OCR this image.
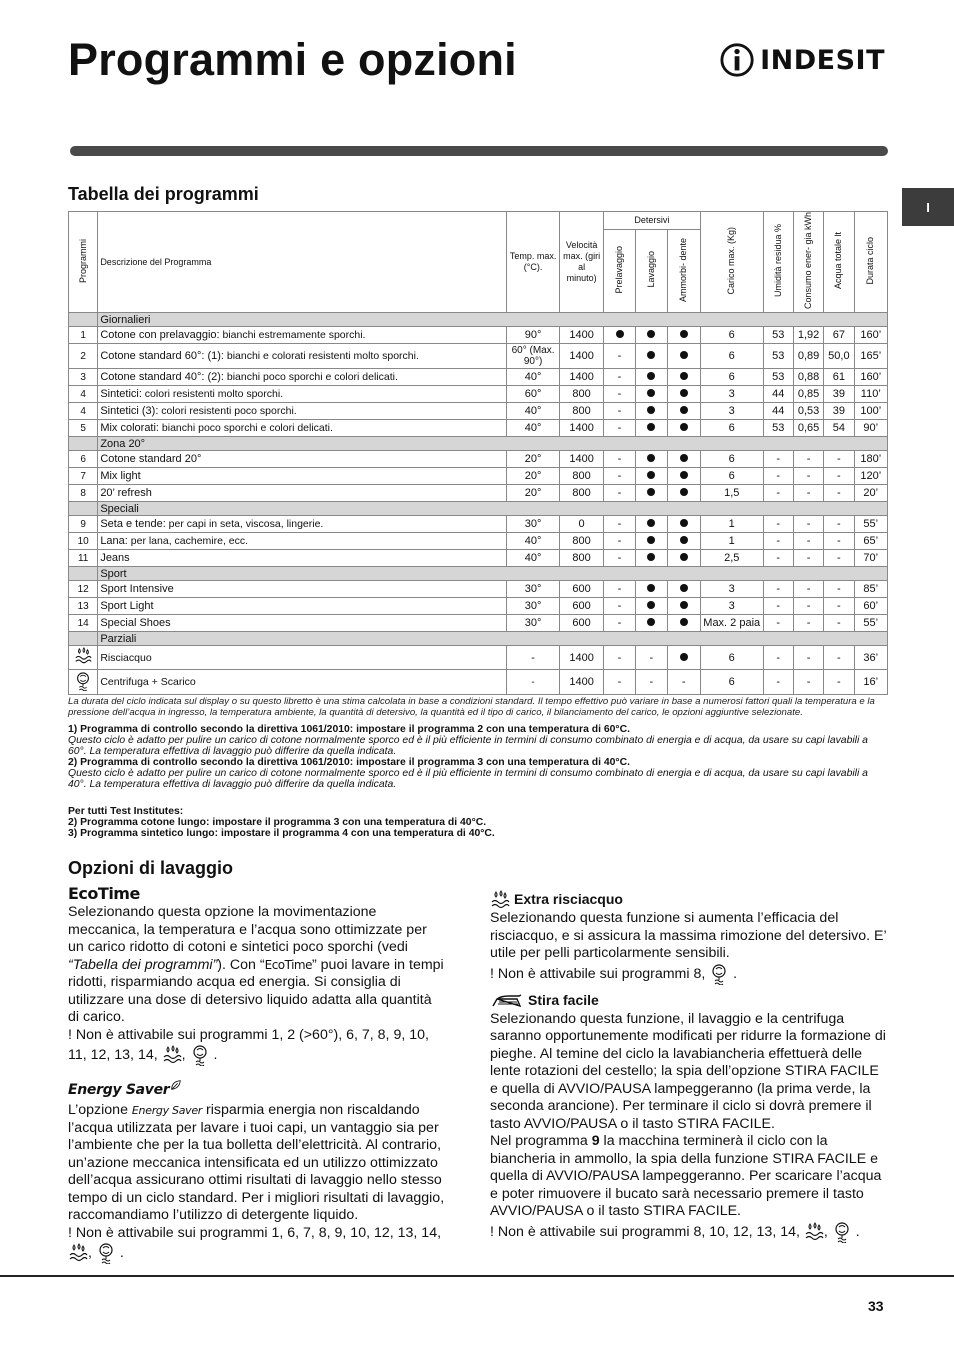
Programmi e opzioni	INDESIT
I
Tabella dei programmi
Programmi	Descrizione del Programma	Temp. max. (°C).	Velocità max. (giri al minuto)	Detersivi			Carico max. (Kg)	Umidità residua %	Consumo ener- gia kWh	Acqua totale lt	Durata ciclo
				Prelavaggio	Lavaggio	Ammorbi- dente					
	Giornalieri										
1	Cotone con prelavaggio: bianchi estremamente sporchi.	90°	1400				6	53	1,92	67	160’
2	Cotone standard 60°: (1): bianchi e colorati resistenti molto sporchi.	60° (Max. 90°)	1400	-			6	53	0,89	50,0	165’
3	Cotone standard 40°: (2): bianchi poco sporchi e colori delicati.	40°	1400	-			6	53	0,88	61	160’
4	Sintetici: colori resistenti molto sporchi.	60°	800	-			3	44	0,85	39	110’
4	Sintetici (3): colori resistenti poco sporchi.	40°	800	-			3	44	0,53	39	100’
5	Mix colorati: bianchi poco sporchi e colori delicati.	40°	1400	-			6	53	0,65	54	90’
	Zona 20°										
6	Cotone standard 20°	20°	1400	-			6	-	-	-	180’
7	Mix light	20°	800	-			6	-	-	-	120’
8	20’ refresh	20°	800	-			1,5	-	-	-	20’
	Speciali										
9	Seta e tende: per capi in seta, viscosa, lingerie.	30°	0	-			1	-	-	-	55’
10	Lana: per lana, cachemire, ecc.	40°	800	-			1	-	-	-	65’
11	Jeans	40°	800	-			2,5	-	-	-	70’
	Sport										
12	Sport Intensive	30°	600	-			3	-	-	-	85’
13	Sport Light	30°	600	-			3	-	-	-	60’
14	Special Shoes	30°	600	-			Max. 2 paia	-	-	-	55’
	Parziali										
	Risciacquo	-	1400	-	-		6	-	-	-	36’
	Centrifuga + Scarico	-	1400	-	-	-	6	-	-	-	16’
La durata del ciclo indicata sul display o su questo libretto è una stima calcolata in base a condizioni standard. Il tempo effettivo può variare in base a numerosi fattori quali la temperatura e la pressione dell’acqua in ingresso, la temperatura ambiente, la quantità di detersivo, la quantità ed il tipo di carico, il bilanciamento del carico, le opzioni aggiuntive selezionate.
1) Programma di controllo secondo la direttiva 1061/2010: impostare il programma 2 con una temperatura di 60°C.
Questo ciclo è adatto per pulire un carico di cotone normalmente sporco ed è il più efficiente in termini di consumo combinato di energia e di acqua, da usare su capi lavabili a 60°. La temperatura effettiva di lavaggio può differire da quella indicata.
2) Programma di controllo secondo la direttiva 1061/2010: impostare il programma 3 con una temperatura di 40°C.
Questo ciclo è adatto per pulire un carico di cotone normalmente sporco ed è il più efficiente in termini di consumo combinato di energia e di acqua, da usare su capi lavabili a 40°. La temperatura effettiva di lavaggio può differire da quella indicata.
Per tutti Test Institutes:
2) Programma cotone lungo: impostare il programma 3 con una temperatura di 40°C.
3) Programma sintetico lungo: impostare il programma 4 con una temperatura di 40°C.
Opzioni di lavaggio
EcoTime

Selezionando questa opzione la movimentazione meccanica, la temperatura e l’acqua sono ottimizzate per un carico ridotto di cotoni e sintetici poco sporchi (vedi “Tabella dei programmi”). Con “EcoTime” puoi lavare in tempi ridotti, risparmiando acqua ed energia. Si consiglia di utilizzare una dose di detersivo liquido adatta alla quantità di carico.

! Non è attivabile sui programmi 1, 2 (>60°), 6, 7, 8, 9, 10, 11, 12, 13, 14, ,  .

Energy Saver

L’opzione Energy Saver risparmia energia non riscaldando l’acqua utilizzata per lavare i tuoi capi, un vantaggio sia per l’ambiente che per la tua bolletta dell’elettricità. Al contrario, un’azione meccanica intensificata ed un utilizzo ottimizzato dell’acqua assicurano ottimi risultati di lavaggio nello stesso tempo di un ciclo standard. Per i migliori risultati di lavaggio, raccomandiamo l’utilizzo di detergente liquido.

! Non è attivabile sui programmi 1, 6, 7, 8, 9, 10, 12, 13, 14, ,  .

Extra risciacquo

Selezionando questa funzione si aumenta l’efficacia del risciacquo, e si assicura la massima rimozione del detersivo. E’ utile per pelli particolarmente sensibili.

! Non è attivabile sui programmi 8,  .

Stira facile

Selezionando questa funzione, il lavaggio e la centrifuga saranno opportunemente modificati per ridurre la formazione di pieghe. Al temine del ciclo la lavabiancheria effettuerà delle lente rotazioni del cestello; la spia dell’opzione STIRA FACILE e quella di AVVIO/PAUSA lampeggeranno (la prima verde, la seconda arancione). Per terminare il ciclo si dovrà premere il tasto AVVIO/PAUSA o il tasto STIRA FACILE.

Nel programma 9 la macchina terminerà il ciclo con la biancheria in ammollo, la spia della funzione STIRA FACILE e quella di AVVIO/PAUSA lampeggeranno. Per scaricare l’acqua e poter rimuovere il bucato sarà necessario premere il tasto AVVIO/PAUSA o il tasto STIRA FACILE.

! Non è attivabile sui programmi 8, 10, 12, 13, 14, ,  .

33
